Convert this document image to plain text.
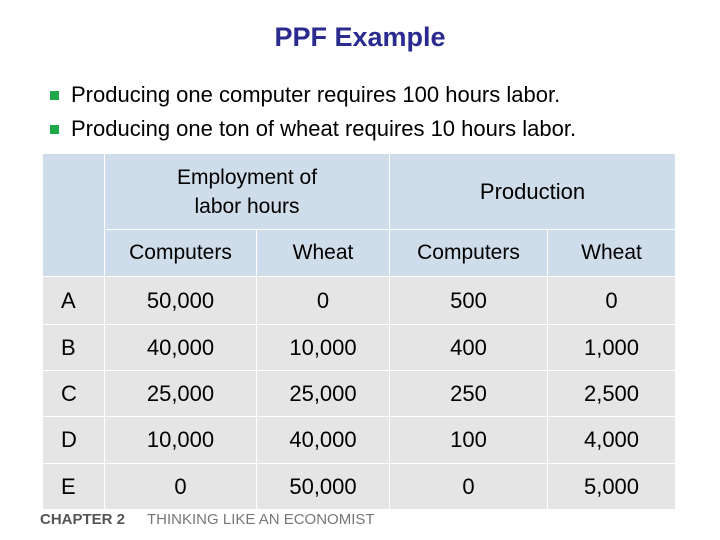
PPF Example
Producing one computer requires 100 hours labor.
Producing one ton of wheat requires 10 hours labor.

	Employment of labor hours		Production	
	Computers	Wheat	Computers	Wheat
A	50,000	0	500	0
B	40,000	10,000	400	1,000
C	25,000	25,000	250	2,500
D	10,000	40,000	100	4,000
E	0	50,000	0	5,000
CHAPTER 2 THINKING LIKE AN ECONOMIST
